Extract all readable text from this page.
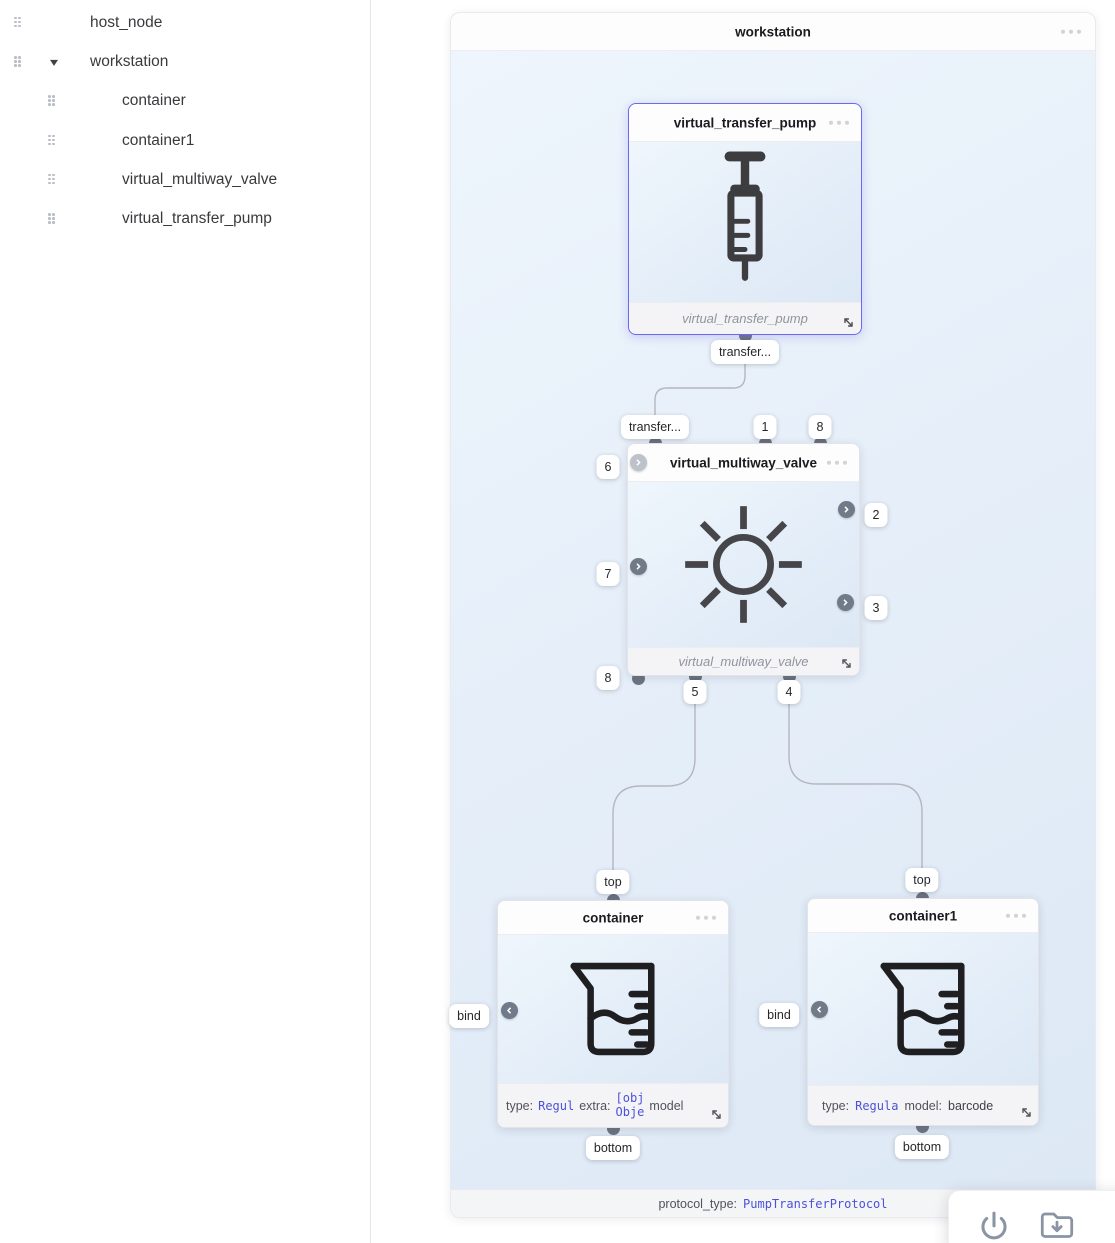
host_node
workstation
container
container1
virtual_multiway_valve
virtual_transfer_pump
workstation
protocol_type: PumpTransferProtocol
virtual_transfer_pump
virtual_transfer_pump
virtual_multiway_valve
virtual_multiway_valve
container
type: Regul extra:
[obj
Obje model
container1
type: Regula model: barcode
transfer...
transfer...	1	8
6
2
7
3
8
5	4
top
bind
bottom
top
bind
bottom
